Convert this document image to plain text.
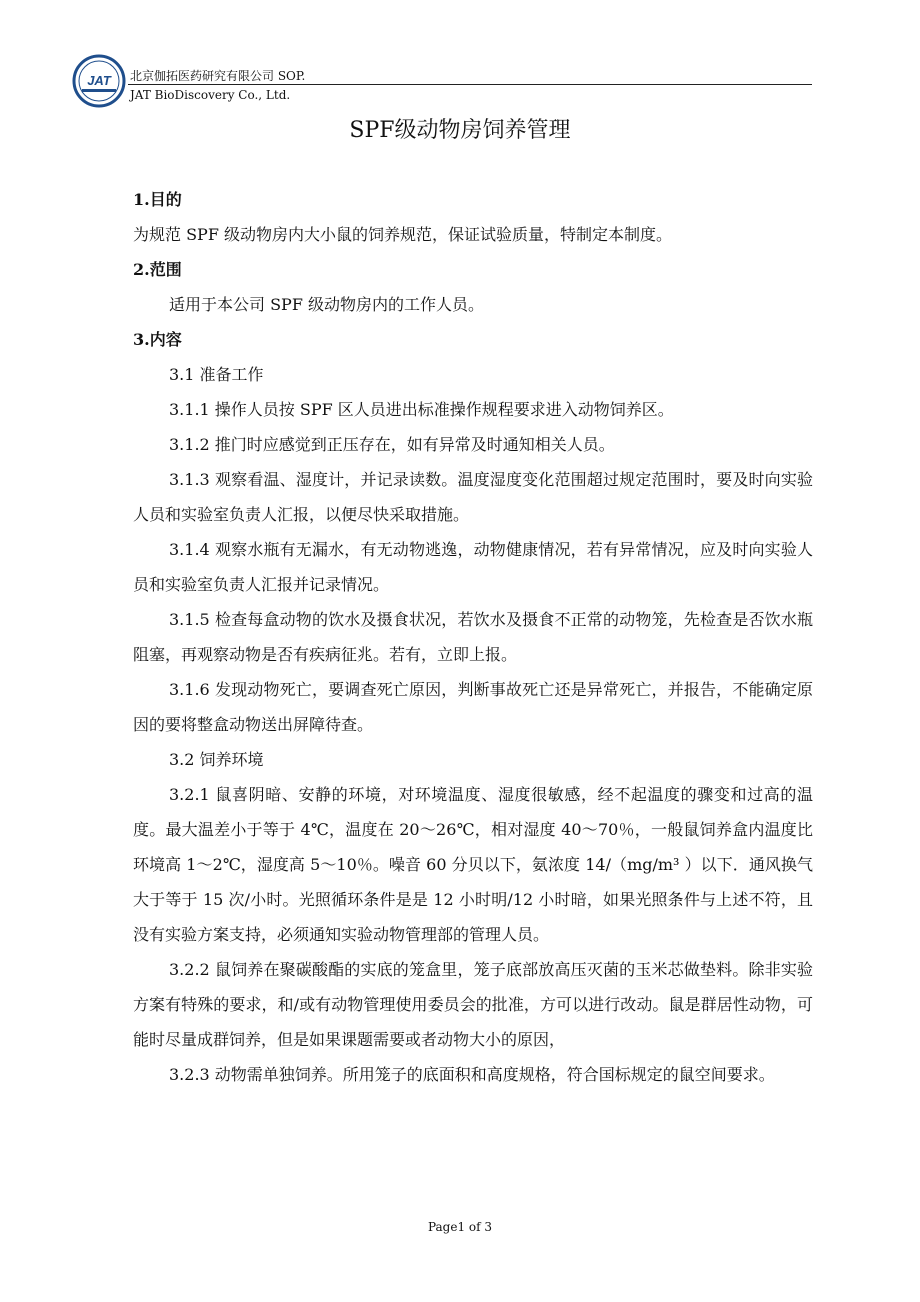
JAT 北京伽拓医药研究有限公司 SOP.
JAT BioDiscovery Co., Ltd.
SPF级动物房饲养管理

1.目的

为规范 SPF 级动物房内大小鼠的饲养规范，保证试验质量，特制定本制度。

2.范围

适用于本公司 SPF 级动物房内的工作人员。

3.内容

3.1 准备工作

3.1.1 操作人员按 SPF 区人员进出标准操作规程要求进入动物饲养区。

3.1.2 推门时应感觉到正压存在，如有异常及时通知相关人员。

3.1.3 观察看温、湿度计，并记录读数。温度湿度变化范围超过规定范围时，要及时向实验人员和实验室负责人汇报，以便尽快采取措施。

3.1.4 观察水瓶有无漏水，有无动物逃逸，动物健康情况，若有异常情况，应及时向实验人员和实验室负责人汇报并记录情况。

3.1.5 检查每盒动物的饮水及摄食状况，若饮水及摄食不正常的动物笼，先检查是否饮水瓶阻塞，再观察动物是否有疾病征兆。若有，立即上报。

3.1.6 发现动物死亡，要调查死亡原因，判断事故死亡还是异常死亡，并报告，不能确定原因的要将整盒动物送出屏障待查。

3.2 饲养环境

3.2.1 鼠喜阴暗、安静的环境，对环境温度、湿度很敏感，经不起温度的骤变和过高的温度。最大温差小于等于 4℃，温度在 20～26℃，相对湿度 40～70％，一般鼠饲养盒内温度比环境高 1～2℃，湿度高 5～10％。噪音 60 分贝以下，氨浓度 14/（mg/m³ ）以下．通风换气大于等于 15 次/小时。光照循环条件是是 12 小时明/12 小时暗，如果光照条件与上述不符，且没有实验方案支持，必须通知实验动物管理部的管理人员。

3.2.2 鼠饲养在聚碳酸酯的实底的笼盒里，笼子底部放高压灭菌的玉米芯做垫料。除非实验方案有特殊的要求，和/或有动物管理使用委员会的批准，方可以进行改动。鼠是群居性动物，可能时尽量成群饲养，但是如果课题需要或者动物大小的原因，

3.2.3 动物需单独饲养。所用笼子的底面积和高度规格，符合国标规定的鼠空间要求。

Page1 of 3
